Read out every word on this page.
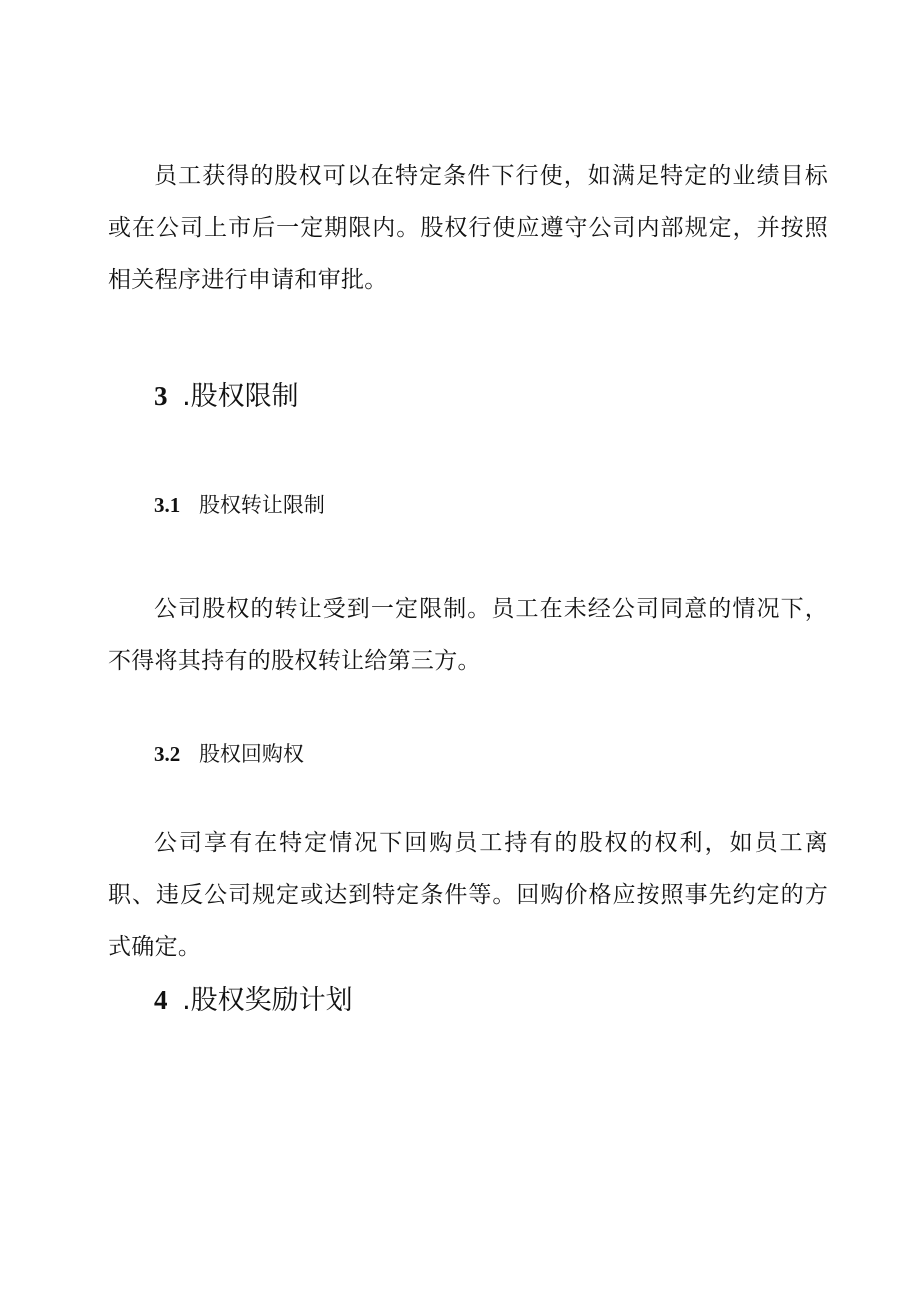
员工获得的股权可以在特定条件下行使，如满足特定的业绩目标或在公司上市后一定期限内。股权行使应遵守公司内部规定，并按照相关程序进行申请和审批。

3 .股权限制
3.1 股权转让限制

公司股权的转让受到一定限制。员工在未经公司同意的情况下，不得将其持有的股权转让给第三方。

3.2 股权回购权

公司享有在特定情况下回购员工持有的股权的权利，如员工离职、违反公司规定或达到特定条件等。回购价格应按照事先约定的方式确定。

4 .股权奖励计划
